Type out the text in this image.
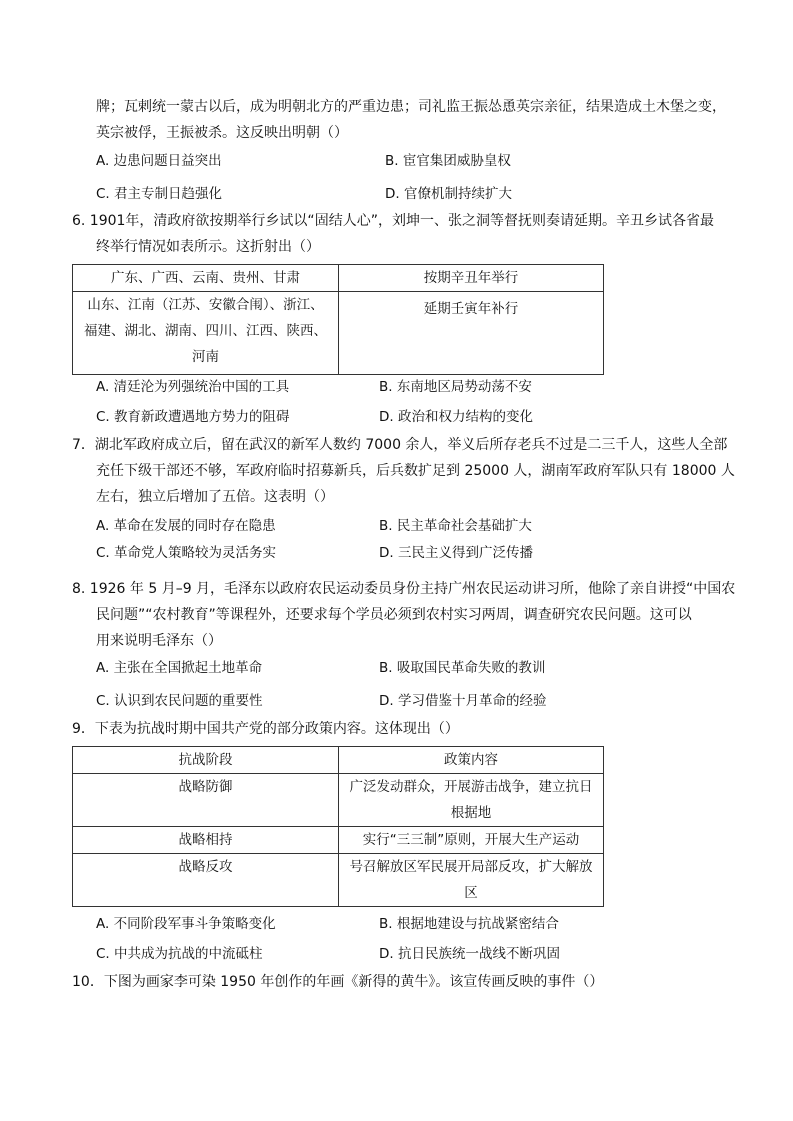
牌；瓦剌统一蒙古以后，成为明朝北方的严重边患；司礼监王振怂恿英宗亲征，结果造成土木堡之变，
英宗被俘，王振被杀。这反映出明朝（）
A. 边患问题日益突出	B. 宦官集团威胁皇权
C. 君主专制日趋强化	D. 官僚机制持续扩大
6. 1901年，清政府欲按期举行乡试以“固结人心”，刘坤一、张之洞等督抚则奏请延期。辛丑乡试各省最
终举行情况如表所示。这折射出（）
广东、广西、云南、贵州、甘肃	按期辛丑年举行

山东、江南（江苏、安徽合闱）、浙江、
福建、湖北、湖南、四川、江西、陕西、
河南	延期壬寅年补行
A. 清廷沦为列强统治中国的工具	B. 东南地区局势动荡不安
C. 教育新政遭遇地方势力的阻碍	D. 政治和权力结构的变化
7．湖北军政府成立后，留在武汉的新军人数约 7000 余人，举义后所存老兵不过是二三千人，这些人全部
充任下级干部还不够，军政府临时招募新兵，后兵数扩足到 25000 人，湖南军政府军队只有 18000 人
左右，独立后增加了五倍。这表明（）
A. 革命在发展的同时存在隐患	B. 民主革命社会基础扩大
C. 革命党人策略较为灵活务实	D. 三民主义得到广泛传播
8. 1926 年 5 月–9 月，毛泽东以政府农民运动委员身份主持广州农民运动讲习所，他除了亲自讲授“中国农
民问题”“农村教育”等课程外，还要求每个学员必须到农村实习两周，调查研究农民问题。这可以
用来说明毛泽东（）
A. 主张在全国掀起土地革命	B. 吸取国民革命失败的教训
C. 认识到农民问题的重要性	D. 学习借鉴十月革命的经验
9．下表为抗战时期中国共产党的部分政策内容。这体现出（）
抗战阶段	政策内容
战略防御	广泛发动群众，开展游击战争，建立抗日
根据地

战略相持	实行“三三制”原则，开展大生产运动
战略反攻	号召解放区军民展开局部反攻，扩大解放
区
A. 不同阶段军事斗争策略变化	B. 根据地建设与抗战紧密结合
C. 中共成为抗战的中流砥柱	D. 抗日民族统一战线不断巩固
10．下图为画家李可染 1950 年创作的年画《新得的黄牛》。该宣传画反映的事件（）
